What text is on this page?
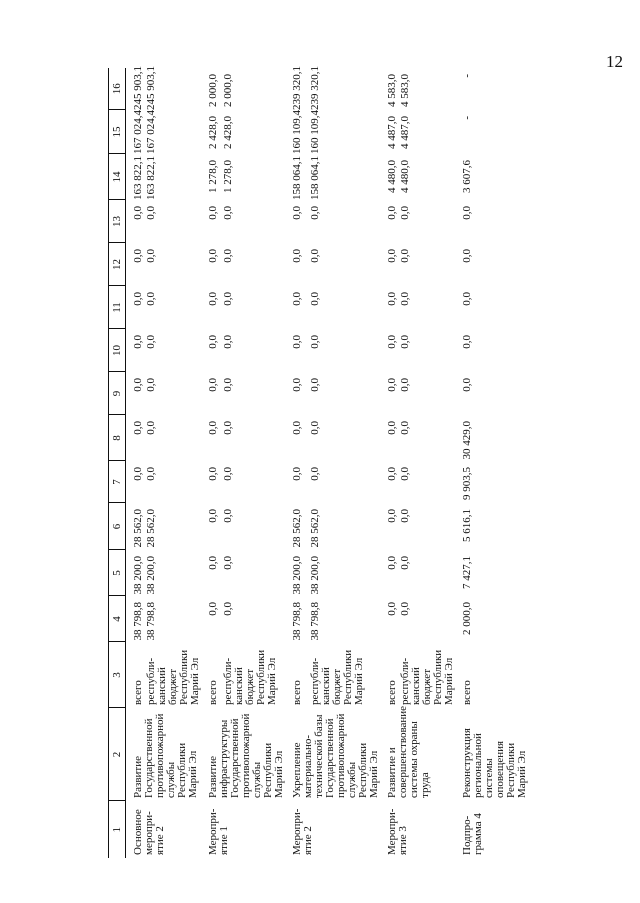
12
1	2	3	4	5	6	7	8	9	10	11	12	13	14	15	16
Основное меропри-
ятие 2	Развитие Государственной противопожарной службы Республики Марий Эл	всего	38 798,8	38 200,0	28 562,0	0,0	0,0	0,0	0,0	0,0	0,0	0,0	163 822,1	167 024,4	245 903,1
		республи-
канский
бюджет
Республики
Марий Эл	38 798,8	38 200,0	28 562,0	0,0	0,0	0,0	0,0	0,0	0,0	0,0	163 822,1	167 024,4	245 903,1
Меропри-
ятие 1	Развитие инфраструктуры Государственной противопожарной службы Республики Марий Эл	всего	0,0	0,0	0,0	0,0	0,0	0,0	0,0	0,0	0,0	0,0	1 278,0	2 428,0	2 000,0
		республи-
канский
бюджет
Республики
Марий Эл	0,0	0,0	0,0	0,0	0,0	0,0	0,0	0,0	0,0	0,0	1 278,0	2 428,0	2 000,0
Меропри-
ятие 2	Укрепление материально-технической базы Государственной противопожарной службы Республики Марий Эл	всего	38 798,8	38 200,0	28 562,0	0,0	0,0	0,0	0,0	0,0	0,0	0,0	158 064,1	160 109,4	239 320,1
		республи-
канский
бюджет
Республики
Марий Эл	38 798,8	38 200,0	28 562,0	0,0	0,0	0,0	0,0	0,0	0,0	0,0	158 064,1	160 109,4	239 320,1
Меропри-
ятие 3	Развитие и совершенствование системы охраны труда	всего	0,0	0,0	0,0	0,0	0,0	0,0	0,0	0,0	0,0	0,0	4 480,0	4 487,0	4 583,0
		республи-
канский
бюджет
Республики
Марий Эл	0,0	0,0	0,0	0,0	0,0	0,0	0,0	0,0	0,0	0,0	4 480,0	4 487,0	4 583,0
Подпро-
грамма 4	Реконструкция региональной системы оповещения Республики Марий Эл	всего	2 000,0	7 427,1	5 616,1	9 903,5	30 429,0	0,0	0,0	0,0	0,0	0,0	3 607,6	-	-
